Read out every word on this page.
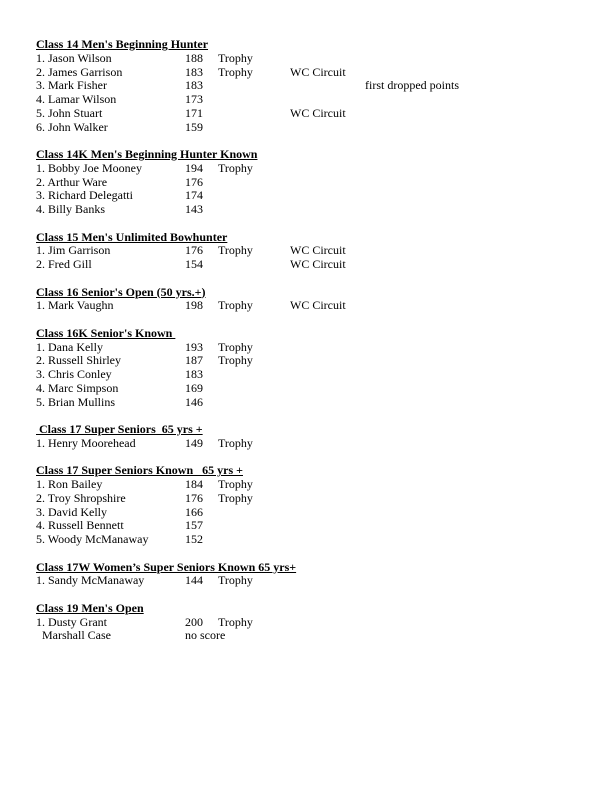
Class 14 Men's Beginning Hunter
1. Jason Wilson	188 Trophy
2. James Garrison	183 Trophy	WC Circuit
3. Mark Fisher	183	first dropped points
4. Lamar Wilson	173
5. John Stuart	171	WC Circuit
6. John Walker	159
Class 14K Men's Beginning Hunter Known
1. Bobby Joe Mooney	194 Trophy
2. Arthur Ware	176
3. Richard Delegatti	174
4. Billy Banks	143
Class 15 Men's Unlimited Bowhunter
1. Jim Garrison	176 Trophy	WC Circuit
2. Fred Gill	154	WC Circuit
Class 16 Senior's Open (50 yrs.+)
1. Mark Vaughn	198 Trophy	WC Circuit
Class 16K Senior's Known
1. Dana Kelly	193 Trophy
2. Russell Shirley	187 Trophy
3. Chris Conley	183
4. Marc Simpson	169
5. Brian Mullins	146
Class 17 Super Seniors  65 yrs +
1. Henry Moorehead	149 Trophy
Class 17 Super Seniors Known   65 yrs +
1. Ron Bailey	184 Trophy
2. Troy Shropshire	176 Trophy
3. David Kelly	166
4. Russell Bennett	157
5. Woody McManaway	152
Class 17W Women’s Super Seniors Known 65 yrs+
1. Sandy McManaway	144 Trophy
Class 19 Men's Open
1. Dusty Grant	200 Trophy
Marshall Case	no score
